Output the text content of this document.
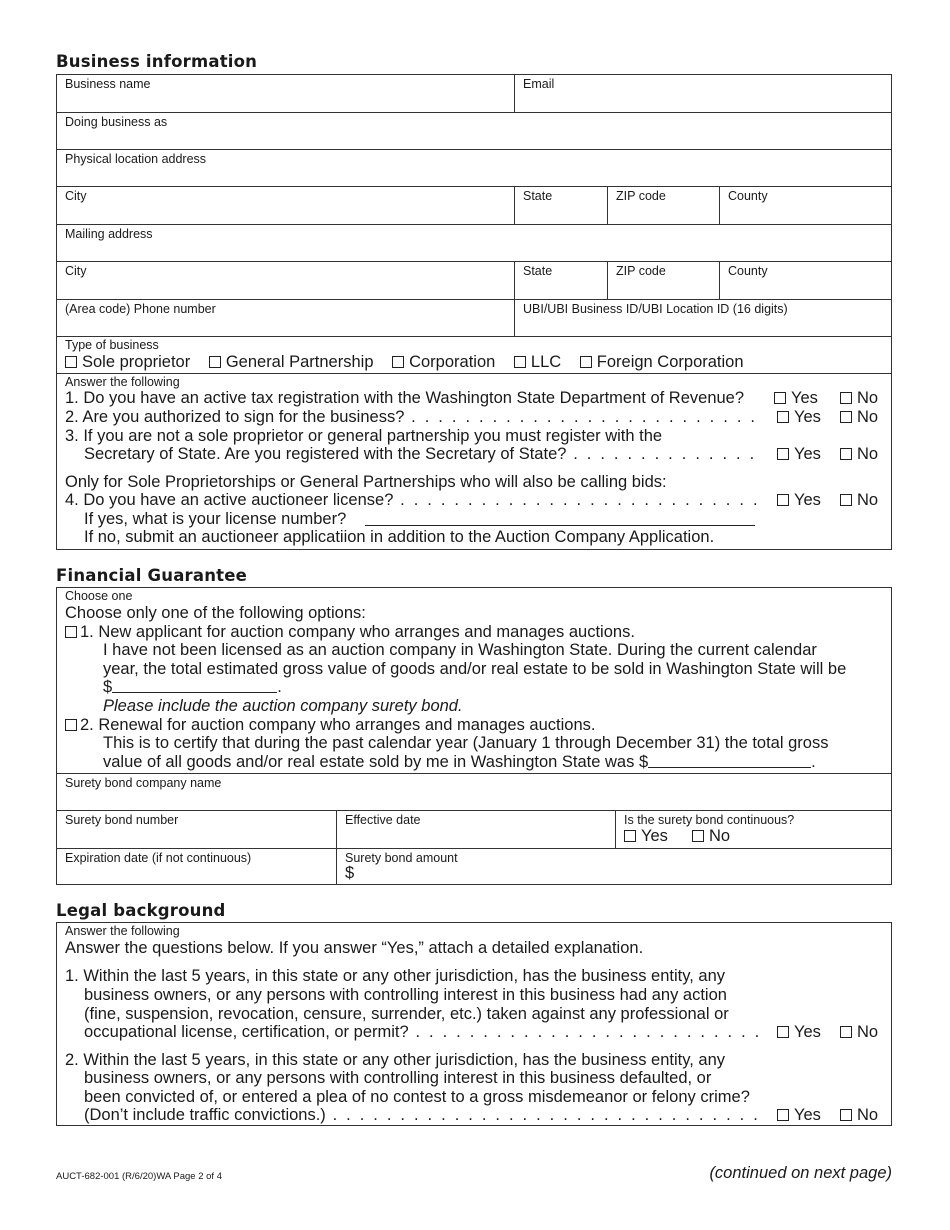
Business information
Business name	Email
Doing business as
Physical location address
City	State	ZIP code	County
Mailing address
City	State	ZIP code	County
(Area code) Phone number	UBI/UBI Business ID/UBI Location ID (16 digits)
Type of business
Sole proprietor General Partnership Corporation LLC Foreign Corporation
Answer the following
1. Do you have an active tax registration with the Washington State Department of Revenue?	Yes	No
2. Are you authorized to sign for the business? . . . . . . . . . . . . . . . . . . . . . . . . . .	Yes	No
3. If you are not a sole proprietor or general partnership you must register with the
Secretary of State. Are you registered with the Secretary of State? . . . . . . . . . . . . . .	Yes	No
Only for Sole Proprietorships or General Partnerships who will also be calling bids:
4. Do you have an active auctioneer license? . . . . . . . . . . . . . . . . . . . . . . . . . . .	Yes	No
If yes, what is your license number?
If no, submit an auctioneer applicatiion in addition to the Auction Company Application.
Financial Guarantee
Choose one
Choose only one of the following options:
1. New applicant for auction company who arranges and manages auctions.
I have not been licensed as an auction company in Washington State. During the current calendar
year, the total estimated gross value of goods and/or real estate to be sold in Washington State will be
$	.
Please include the auction company surety bond.
2. Renewal for auction company who arranges and manages auctions.
This is to certify that during the past calendar year (January 1 through December 31) the total gross
value of all goods and/or real estate sold by me in Washington State was $	.
Surety bond company name
Surety bond number	Effective date	Is the surety bond continuous?
Yes	No
Expiration date (if not continuous)	Surety bond amount
$
Legal background
Answer the following
Answer the questions below. If you answer “Yes,” attach a detailed explanation.
1. Within the last 5 years, in this state or any other jurisdiction, has the business entity, any
business owners, or any persons with controlling interest in this business had any action
(fine, suspension, revocation, censure, surrender, etc.) taken against any professional or
occupational license, certification, or permit? . . . . . . . . . . . . . . . . . . . . . . . . . .	Yes	No
2. Within the last 5 years, in this state or any other jurisdiction, has the business entity, any
business owners, or any persons with controlling interest in this business defaulted, or
been convicted of, or entered a plea of no contest to a gross misdemeanor or felony crime?
(Don’t include traffic convictions.) . . . . . . . . . . . . . . . . . . . . . . . . . . . . . . . .	Yes	No
AUCT-682-001 (R/6/20)WA Page 2 of 4	(continued on next page)
